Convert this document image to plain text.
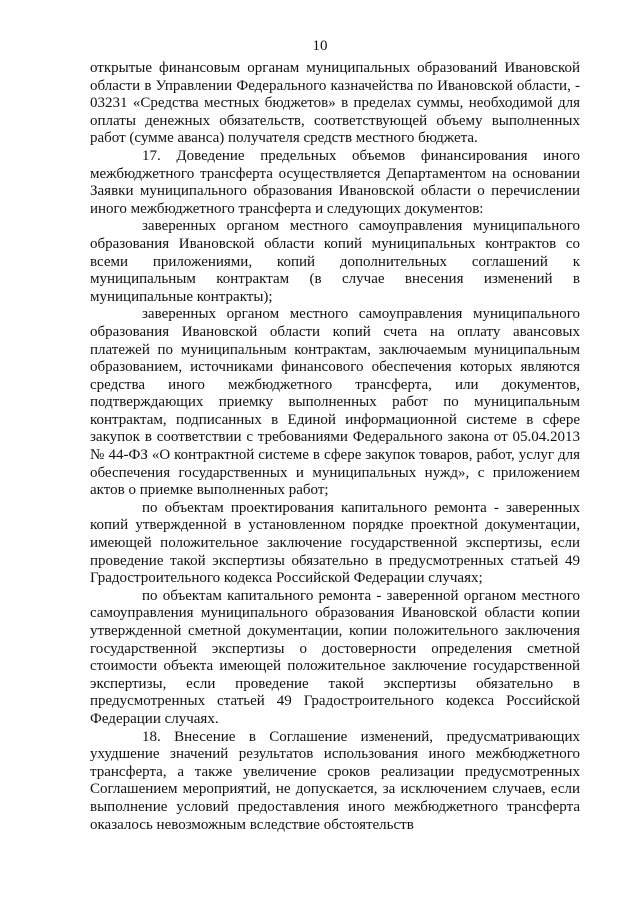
10

открытые финансовым органам муниципальных образований Ивановской области в Управлении Федерального казначейства по Ивановской области, - 03231 «Средства местных бюджетов» в пределах суммы, необходимой для оплаты денежных обязательств, соответствующей объему выполненных работ (сумме аванса) получателя средств местного бюджета.

17. Доведение предельных объемов финансирования иного межбюджетного трансферта осуществляется Департаментом на основании Заявки муниципального образования Ивановской области о перечислении иного межбюджетного трансферта и следующих документов:

заверенных органом местного самоуправления муниципального образования Ивановской области копий муниципальных контрактов со всеми приложениями, копий дополнительных соглашений к муниципальным контрактам (в случае внесения изменений в муниципальные контракты);

заверенных органом местного самоуправления муниципального образования Ивановской области копий счета на оплату авансовых платежей по муниципальным контрактам, заключаемым муниципальным образованием, источниками финансового обеспечения которых являются средства иного межбюджетного трансферта, или документов, подтверждающих приемку выполненных работ по муниципальным контрактам, подписанных в Единой информационной системе в сфере закупок в соответствии с требованиями Федерального закона от 05.04.2013 № 44-ФЗ «О контрактной системе в сфере закупок товаров, работ, услуг для обеспечения государственных и муниципальных нужд», с приложением актов о приемке выполненных работ;

по объектам проектирования капитального ремонта - заверенных копий утвержденной в установленном порядке проектной документации, имеющей положительное заключение государственной экспертизы, если проведение такой экспертизы обязательно в предусмотренных статьей 49 Градостроительного кодекса Российской Федерации случаях;

по объектам капитального ремонта - заверенной органом местного самоуправления муниципального образования Ивановской области копии утвержденной сметной документации, копии положительного заключения государственной экспертизы о достоверности определения сметной стоимости объекта имеющей положительное заключение государственной экспертизы, если проведение такой экспертизы обязательно в предусмотренных статьей 49 Градостроительного кодекса Российской Федерации случаях.

18. Внесение в Соглашение изменений, предусматривающих ухудшение значений результатов использования иного межбюджетного трансферта, а также увеличение сроков реализации предусмотренных Соглашением мероприятий, не допускается, за исключением случаев, если выполнение условий предоставления иного межбюджетного трансферта оказалось невозможным вследствие обстоятельств
